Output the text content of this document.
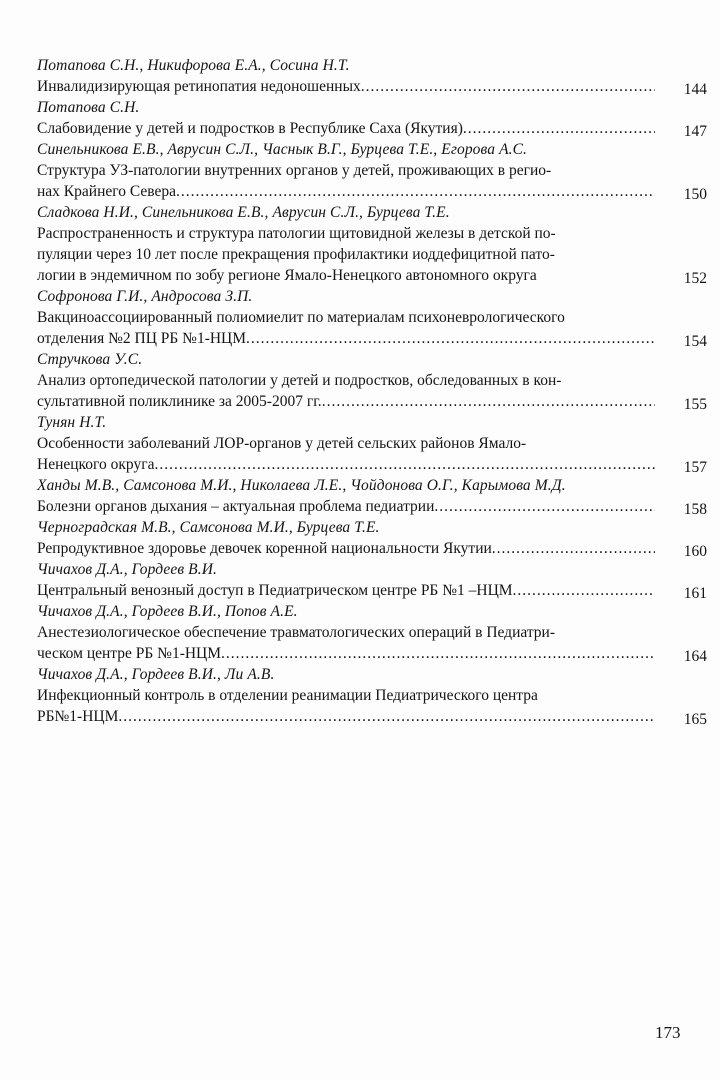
Потапова С.Н., Никифорова Е.А., Сосина Н.Т.
Инвалидизирующая ретинопатия недоношенных .....	144
Потапова С.Н.
Слабовидение у детей и подростков в Республике Саха (Якутия) .....	147
Синельникова Е.В., Аврусин С.Л., Часнык В.Г., Бурцева Т.Е., Егорова А.С.
Структура УЗ-патологии внутренних органов у детей, проживающих в регио-
нах Крайнего Севера .....	150
Сладкова Н.И., Синельникова Е.В., Аврусин С.Л., Бурцева Т.Е.
Распространенность и структура патологии щитовидной железы в детской по-
пуляции через 10 лет после прекращения профилактики иоддефицитной пато-
логии в эндемичном по зобу регионе Ямало-Ненецкого автономного округа	152
Софронова Г.И., Андросова З.П.
Вакциноассоциированный полиомиелит по материалам психоневрологического
отделения №2 ПЦ РБ №1-НЦМ .....	154
Стручкова У.С.
Анализ ортопедической патологии у детей и подростков, обследованных в кон-
сультативной поликлинике за 2005-2007 гг. .....	155
Тунян Н.Т.
Особенности заболеваний ЛОР-органов у детей сельских районов Ямало-
Ненецкого округа .....	157
Ханды М.В., Самсонова М.И., Николаева Л.Е., Чойдонова О.Г., Карымова М.Д.
Болезни органов дыхания – актуальная проблема педиатрии .....	158
Черноградская М.В., Самсонова М.И., Бурцева Т.Е.
Репродуктивное здоровье девочек коренной национальности Якутии .....	160
Чичахов Д.А., Гордеев В.И.
Центральный венозный доступ в Педиатрическом центре РБ №1 –НЦМ .....	161
Чичахов Д.А., Гордеев В.И., Попов А.Е.
Анестезиологическое обеспечение травматологических операций в Педиатри-
ческом центре РБ №1-НЦМ .....	164
Чичахов Д.А., Гордеев В.И., Ли А.В.
Инфекционный контроль в отделении реанимации Педиатрического центра
РБ№1-НЦМ .....	165
173
